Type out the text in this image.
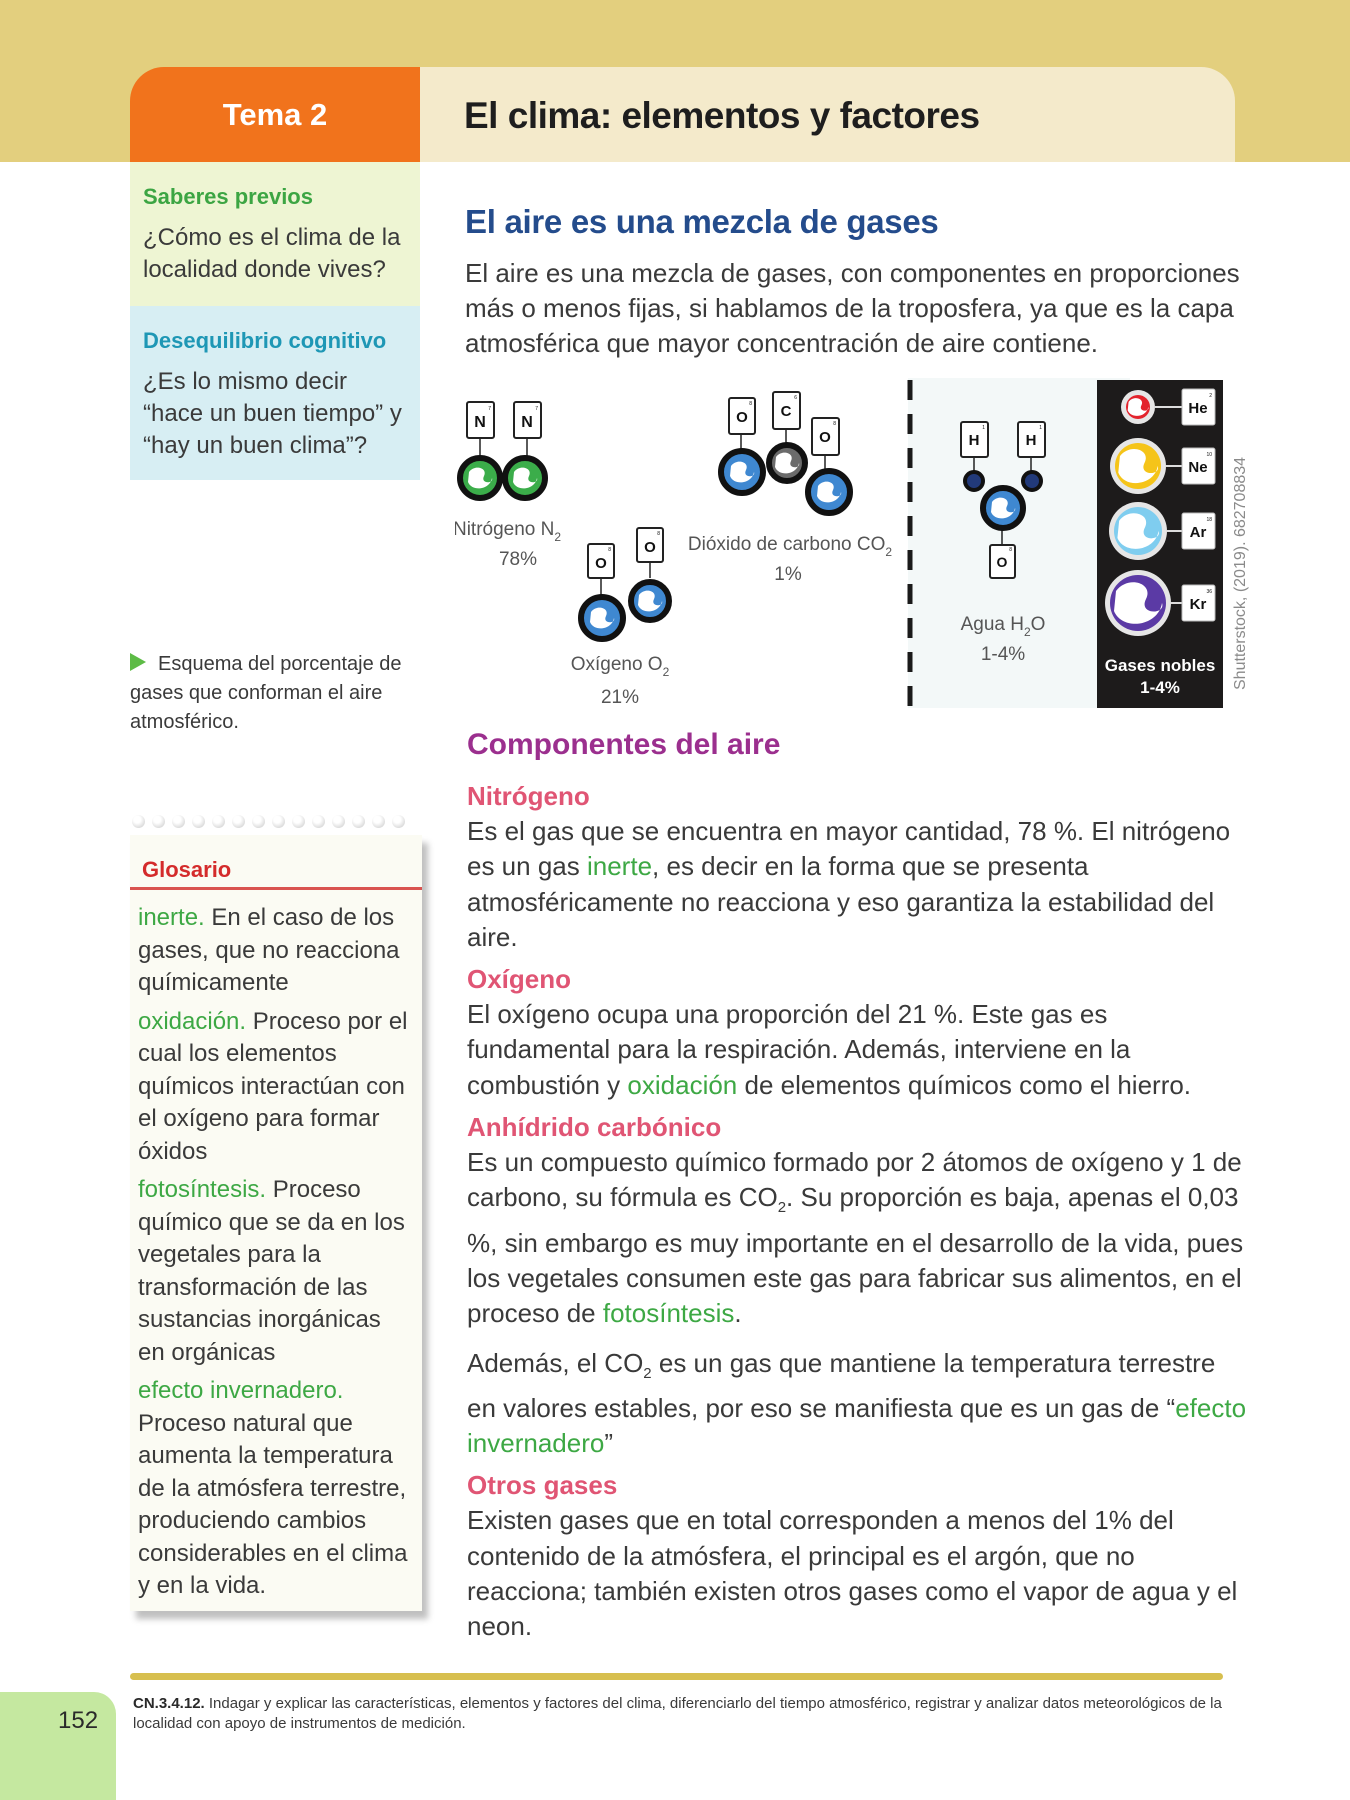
Tema 2	El clima: elementos y factores
Saberes previos
¿Cómo es el clima de la localidad donde vives?
Desequilibrio cognitivo
¿Es lo mismo decir “hace un buen tiempo” y “hay un buen clima”?
Esquema del porcentaje de gases que conforman el aire atmosférico.
Glosario
inerte. En el caso de los gases, que no reacciona químicamente
oxidación. Proceso por el cual los elementos químicos interactúan con el oxígeno para formar óxidos
fotosíntesis. Proceso químico que se da en los vegetales para la transformación de las sustancias inorgánicas en orgánicas
efecto invernadero.
Proceso natural que aumenta la temperatura de la atmósfera terrestre, produciendo cambios considerables en el clima y en la vida.
El aire es una mezcla de gases
El aire es una mezcla de gases, con componentes en proporciones más o menos fijas, si hablamos de la troposfera, ya que es la capa atmosférica que mayor concentración de aire contiene.
N
7
N
7
Nitrógeno $N_2$
78%	O
8 O
8
Oxígeno $O_2$
21%
O
8 C
6
O
8
Dióxido de carbono $CO_2$
1%
H
1
H
1
O
8
Agua $H_2O$
1-4%
He
2
Ne
10
Ar
18
Kr
36
Gases nobles
1-4%	Shutterstock, (2019). 682708834
Componentes del aire
Nitrógeno
Es el gas que se encuentra en mayor cantidad, 78 %. El nitrógeno es un gas inerte, es decir en la forma que se presenta atmosféricamente no reacciona y eso garantiza la estabilidad del aire.
Oxígeno
El oxígeno ocupa una proporción del 21 %. Este gas es fundamental para la respiración. Además, interviene en la combustión y oxidación de elementos químicos como el hierro.
Anhídrido carbónico
Es un compuesto químico formado por 2 átomos de oxígeno y 1 de carbono, su fórmula es $CO_2$. Su proporción es baja, apenas el 0,03 %, sin embargo es muy importante en el desarrollo de la vida, pues los vegetales consumen este gas para fabricar sus alimentos, en el proceso de fotosíntesis.
Además, el $CO_2$ es un gas que mantiene la temperatura terrestre en valores estables, por eso se manifiesta que es un gas de “efecto invernadero”
Otros gases
Existen gases que en total corresponden a menos del 1% del contenido de la atmósfera, el principal es el argón, que no reacciona; también existen otros gases como el vapor de agua y el neon.
152
CN.3.4.12. Indagar y explicar las características, elementos y factores del clima, diferenciarlo del tiempo atmosférico, registrar y analizar datos meteorológicos de la localidad con apoyo de instrumentos de medición.
